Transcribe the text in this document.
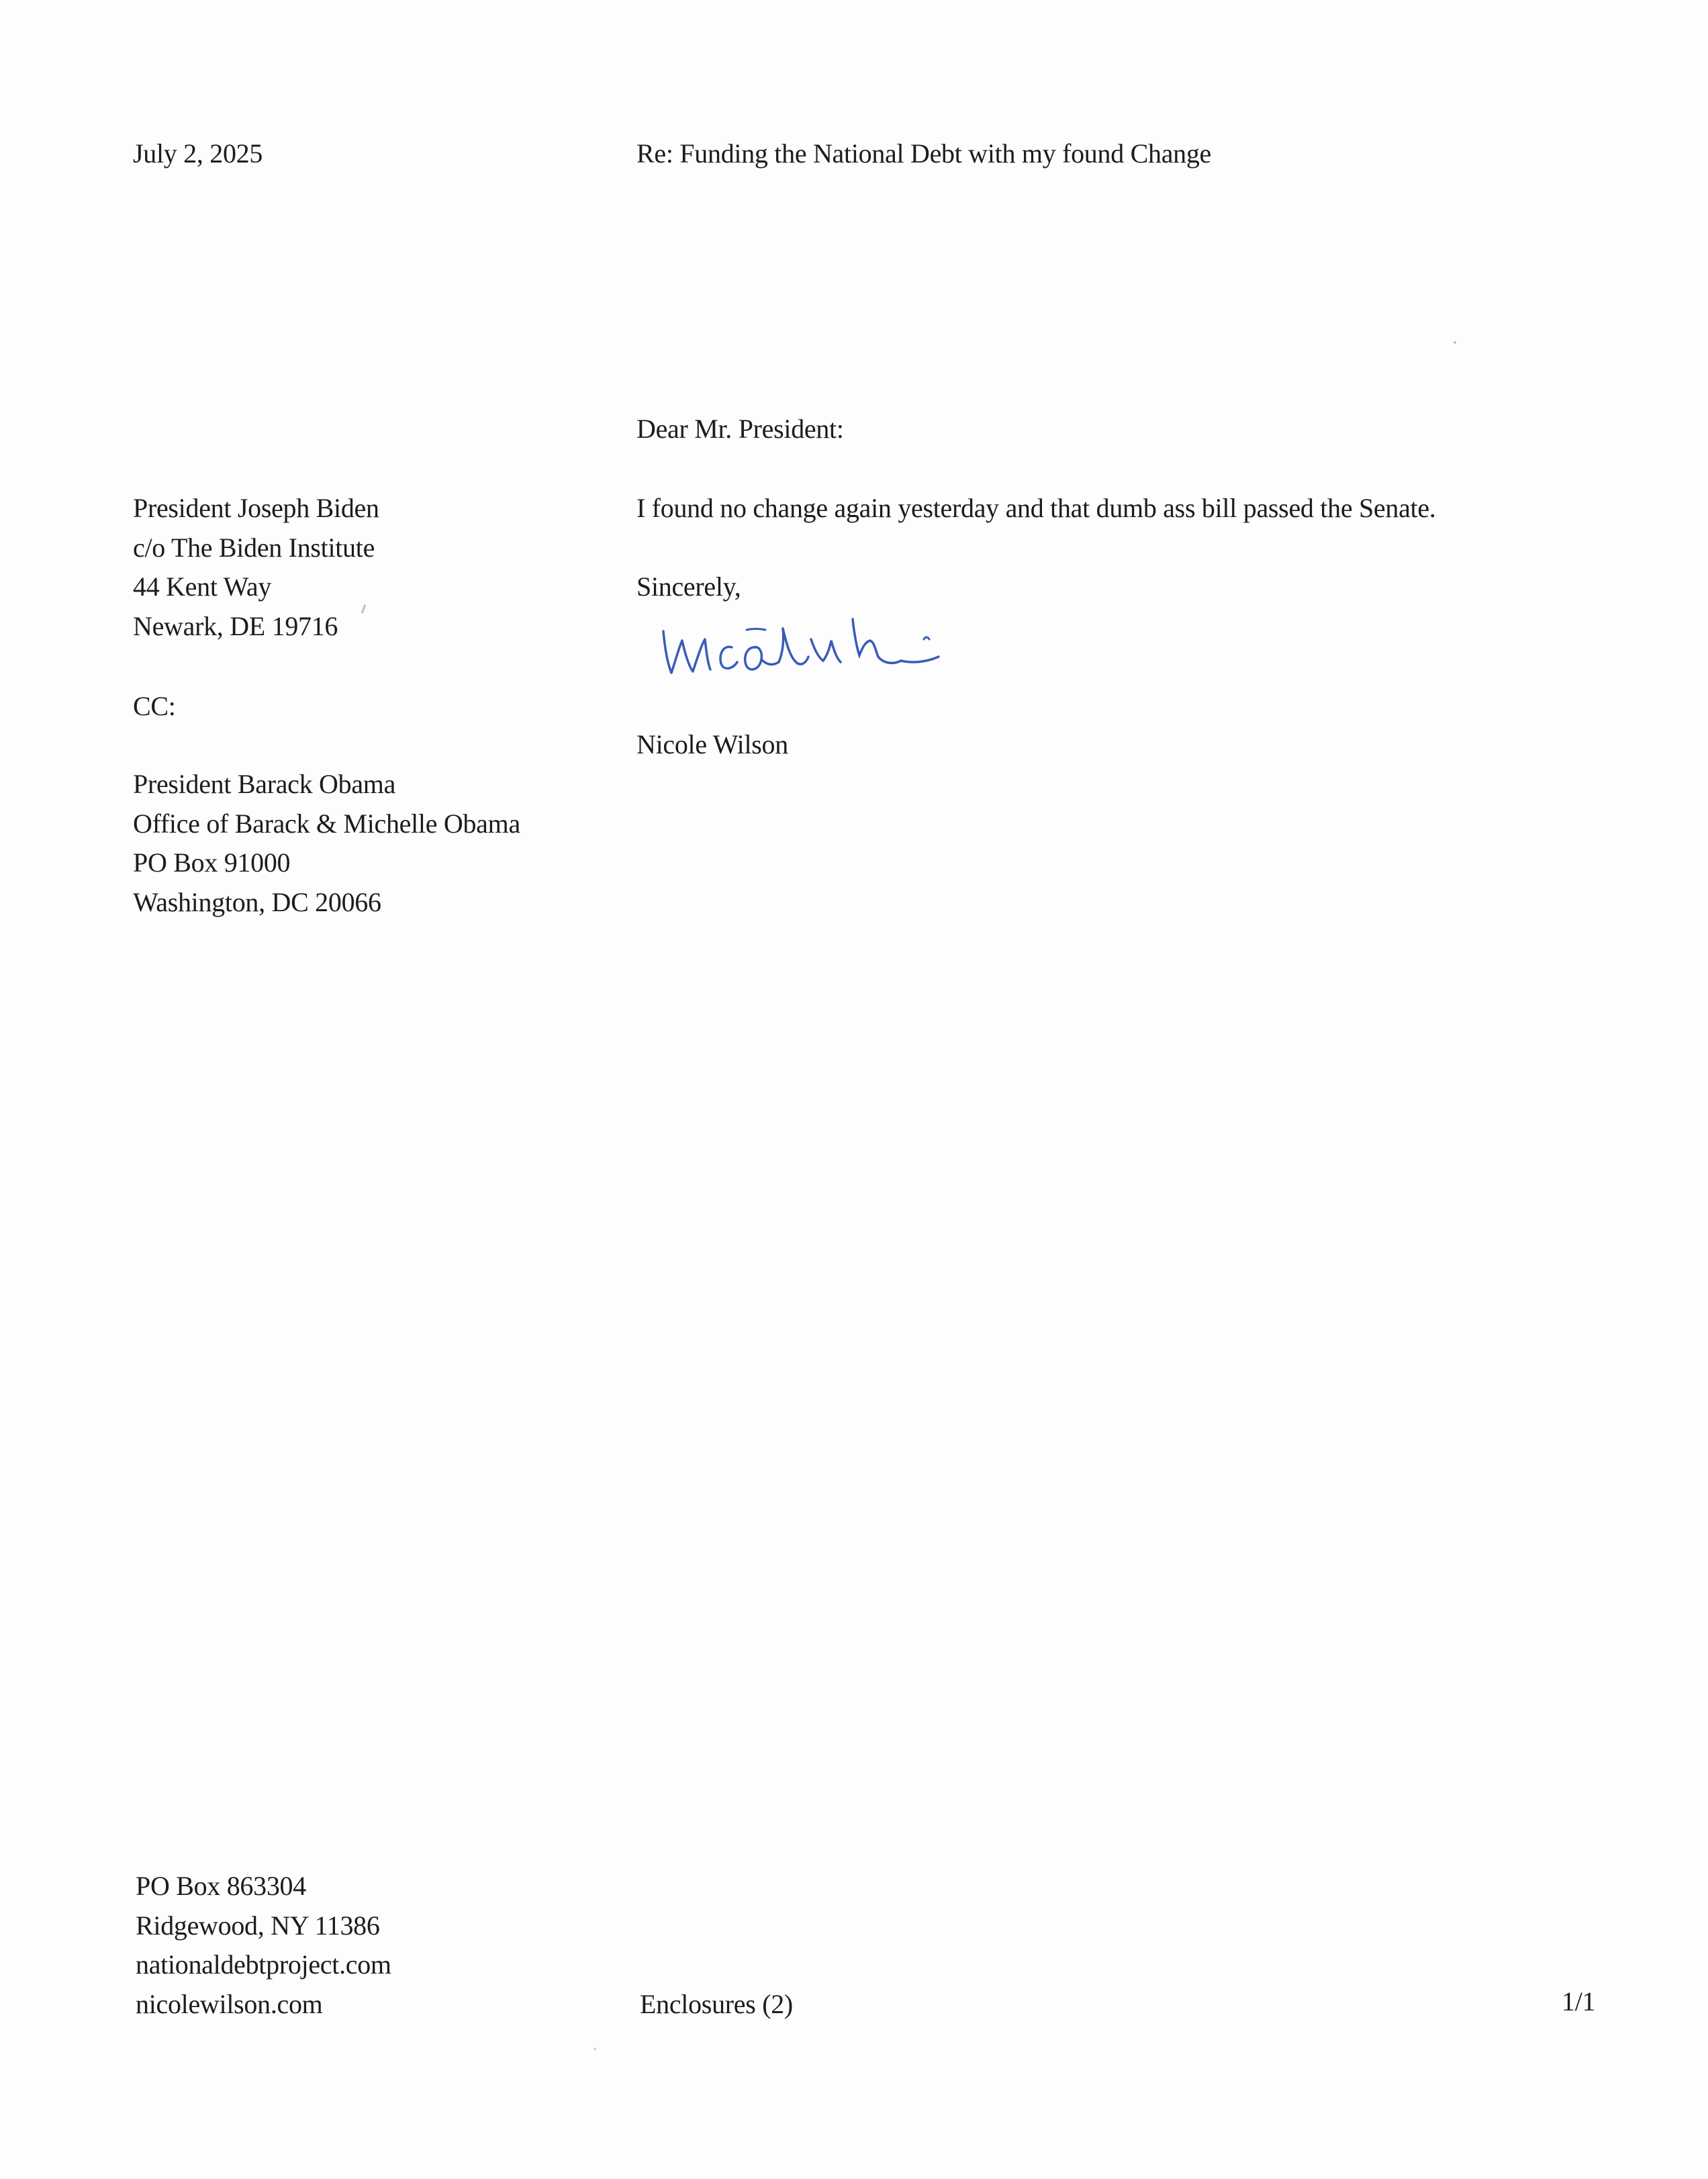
July 2, 2025	Re: Funding the National Debt with my found Change
Dear Mr. President:
President Joseph Biden
c/o The Biden Institute
44 Kent Way
Newark, DE 19716
I found no change again yesterday and that dumb ass bill passed the Senate.
Sincerely,
CC:
Nicole Wilson
President Barack Obama
Office of Barack & Michelle Obama
PO Box 91000
Washington, DC 20066
PO Box 863304
Ridgewood, NY 11386
nationaldebtproject.com
nicolewilson.com	Enclosures (2)	1/1
